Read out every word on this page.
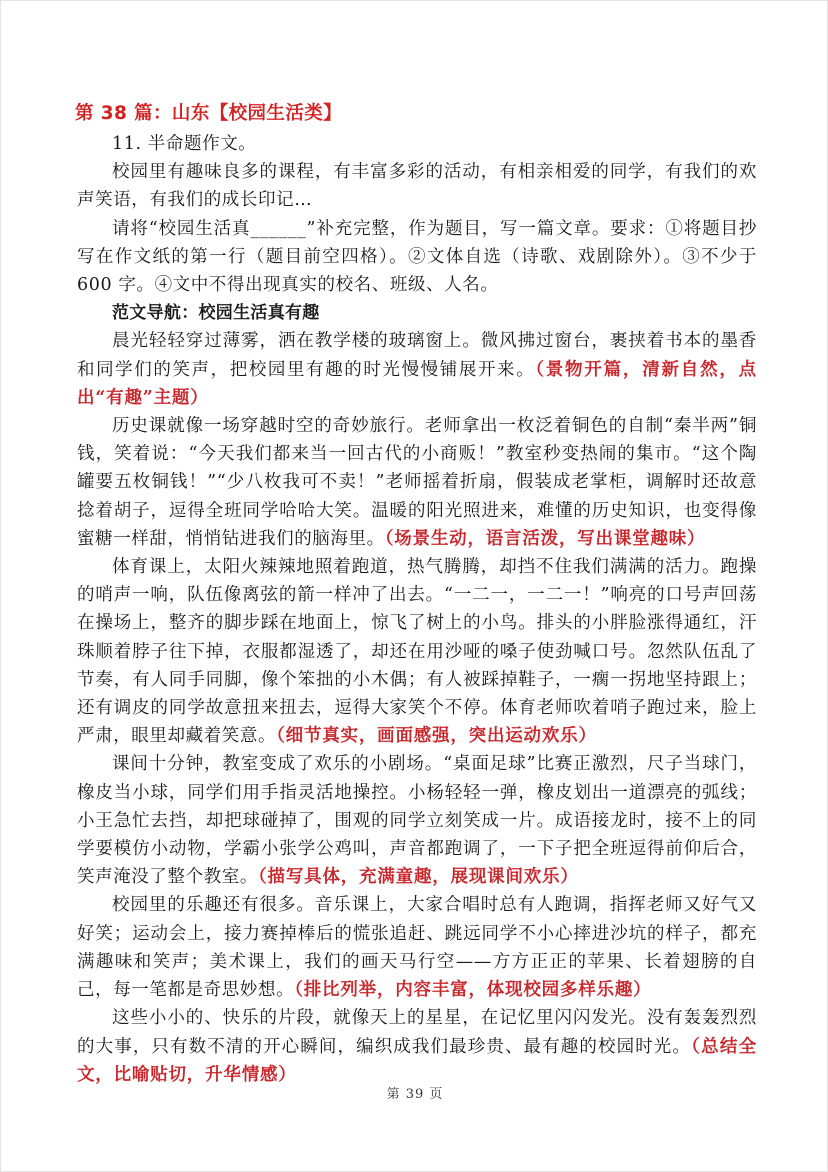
第 38 篇：山东【校园生活类】

11. 半命题作文。

校园里有趣味良多的课程，有丰富多彩的活动，有相亲相爱的同学，有我们的欢声笑语，有我们的成长印记…

请将“校园生活真______”补充完整，作为题目，写一篇文章。要求：①将题目抄写在作文纸的第一行（题目前空四格）。②文体自选（诗歌、戏剧除外）。③不少于 600 字。④文中不得出现真实的校名、班级、人名。

范文导航：校园生活真有趣

晨光轻轻穿过薄雾，洒在教学楼的玻璃窗上。微风拂过窗台，裹挟着书本的墨香和同学们的笑声，把校园里有趣的时光慢慢铺展开来。（景物开篇，清新自然，点出“有趣”主题）

历史课就像一场穿越时空的奇妙旅行。老师拿出一枚泛着铜色的自制“秦半两”铜钱，笑着说：“今天我们都来当一回古代的小商贩！”教室秒变热闹的集市。“这个陶罐要五枚铜钱！”“少八枚我可不卖！”老师摇着折扇，假装成老掌柜，调解时还故意捻着胡子，逗得全班同学哈哈大笑。温暖的阳光照进来，难懂的历史知识，也变得像蜜糖一样甜，悄悄钻进我们的脑海里。（场景生动，语言活泼，写出课堂趣味）

体育课上，太阳火辣辣地照着跑道，热气腾腾，却挡不住我们满满的活力。跑操的哨声一响，队伍像离弦的箭一样冲了出去。“一二一，一二一！”响亮的口号声回荡在操场上，整齐的脚步踩在地面上，惊飞了树上的小鸟。排头的小胖脸涨得通红，汗珠顺着脖子往下掉，衣服都湿透了，却还在用沙哑的嗓子使劲喊口号。忽然队伍乱了节奏，有人同手同脚，像个笨拙的小木偶；有人被踩掉鞋子，一瘸一拐地坚持跟上；还有调皮的同学故意扭来扭去，逗得大家笑个不停。体育老师吹着哨子跑过来，脸上严肃，眼里却藏着笑意。（细节真实，画面感强，突出运动欢乐）

课间十分钟，教室变成了欢乐的小剧场。“桌面足球”比赛正激烈，尺子当球门，橡皮当小球，同学们用手指灵活地操控。小杨轻轻一弹，橡皮划出一道漂亮的弧线；小王急忙去挡，却把球碰掉了，围观的同学立刻笑成一片。成语接龙时，接不上的同学要模仿小动物，学霸小张学公鸡叫，声音都跑调了，一下子把全班逗得前仰后合，笑声淹没了整个教室。（描写具体，充满童趣，展现课间欢乐）

校园里的乐趣还有很多。音乐课上，大家合唱时总有人跑调，指挥老师又好气又好笑；运动会上，接力赛掉棒后的慌张追赶、跳远同学不小心摔进沙坑的样子，都充满趣味和笑声；美术课上，我们的画天马行空——方方正正的苹果、长着翅膀的自己，每一笔都是奇思妙想。（排比列举，内容丰富，体现校园多样乐趣）

这些小小的、快乐的片段，就像天上的星星，在记忆里闪闪发光。没有轰轰烈烈的大事，只有数不清的开心瞬间，编织成我们最珍贵、最有趣的校园时光。（总结全文，比喻贴切，升华情感）

第 39 页
